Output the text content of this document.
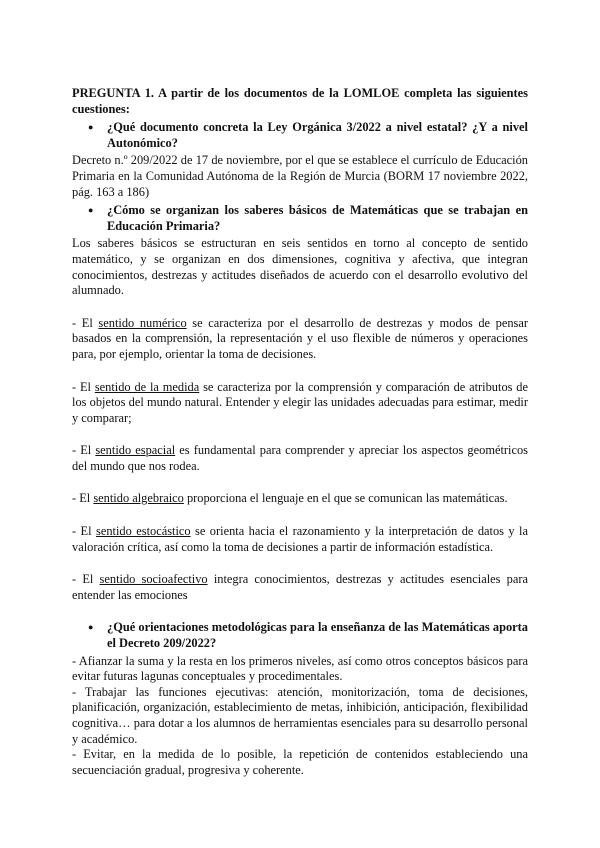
PREGUNTA 1. A partir de los documentos de la LOMLOE completa las siguientes cuestiones:

● ¿Qué documento concreta la Ley Orgánica 3/2022 a nivel estatal? ¿Y a nivel Autonómico?

Decreto n.º 209/2022 de 17 de noviembre, por el que se establece el currículo de Educación Primaria en la Comunidad Autónoma de la Región de Murcia (BORM 17 noviembre 2022, pág. 163 a 186)

● ¿Cómo se organizan los saberes básicos de Matemáticas que se trabajan en Educación Primaria?

Los saberes básicos se estructuran en seis sentidos en torno al concepto de sentido matemático, y se organizan en dos dimensiones, cognitiva y afectiva, que integran conocimientos, destrezas y actitudes diseñados de acuerdo con el desarrollo evolutivo del alumnado.

- El sentido numérico se caracteriza por el desarrollo de destrezas y modos de pensar basados en la comprensión, la representación y el uso flexible de números y operaciones para, por ejemplo, orientar la toma de decisiones.

- El sentido de la medida se caracteriza por la comprensión y comparación de atributos de los objetos del mundo natural. Entender y elegir las unidades adecuadas para estimar, medir y comparar;

- El sentido espacial es fundamental para comprender y apreciar los aspectos geométricos del mundo que nos rodea.

- El sentido algebraico proporciona el lenguaje en el que se comunican las matemáticas.

- El sentido estocástico se orienta hacia el razonamiento y la interpretación de datos y la valoración crítica, así como la toma de decisiones a partir de información estadística.

- El sentido socioafectivo integra conocimientos, destrezas y actitudes esenciales para entender las emociones

● ¿Qué orientaciones metodológicas para la enseñanza de las Matemáticas aporta el Decreto 209/2022?

- Afianzar la suma y la resta en los primeros niveles, así como otros conceptos básicos para evitar futuras lagunas conceptuales y procedimentales.

- Trabajar las funciones ejecutivas: atención, monitorización, toma de decisiones, planificación, organización, establecimiento de metas, inhibición, anticipación, flexibilidad cognitiva… para dotar a los alumnos de herramientas esenciales para su desarrollo personal y académico.

- Evitar, en la medida de lo posible, la repetición de contenidos estableciendo una secuenciación gradual, progresiva y coherente.
